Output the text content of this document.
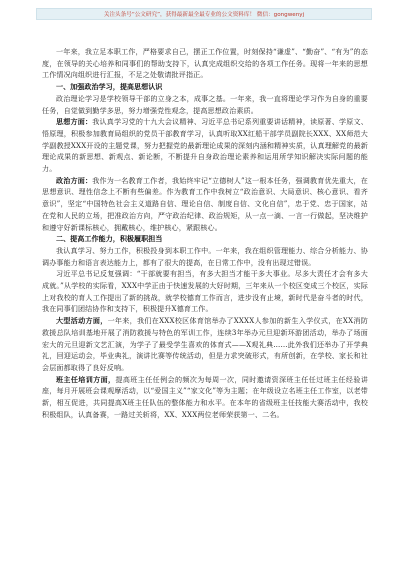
关注头条号“公文研究”，获得最新最全最专业的公文资料库！ 微信：gongwenyj

一年来，我立足本职工作，严格要求自己，摆正工作位置，时刻保持“谦虚”、“勤奋”、“有为”的态度，在领导的关心培养和同事们的帮助支持下，认真完成组织交给的各项工作任务。现将一年来的思想工作情况向组织进行汇报，不足之处敬请批评指正。

一、加强政治学习，提高思想认识

政治理论学习是学校领导干部的立身之本，成事之基。一年来，我一直将理论学习作为自身的重要任务，自觉做到勤学多思，努力增强党性观念，提高思想政治素质。

思想方面：我认真学习党的十九大会议精神、习近平总书记系列重要讲话精神，读原著、学原文、悟原理，积极参加教育局组织的党员干部教育学习，认真听取XX红船干部学员副院长XXX、XX师范大学副教授XXX开设的主题党课，努力把握党的最新理论成果的深刻内涵和精神实质，认真理解党的最新理论成果的新思想、新观点、新论断，不断提升自身政治理论素养和运用所学知识解决实际问题的能力。

政治方面：我作为一名教育工作者，我始终牢记“立德树人”这一根本任务，强调教育优先重大，在思想意识、理性信念上不断有些偏差。作为教育工作中我树立“政治意识、大局意识、核心意识、看齐意识”，坚定“中国特色社会主义道路自信、理论自信、制度自信、文化自信”，忠于党、忠于国家，站在党和人民的立场，把准政治方向，严守政治纪律、政治规矩，从一点一滴、一言一行做起，坚决维护和遵守好新课标核心，拥戴核心，维护核心，紧跟核心。

二、提高工作能力，积极履职担当

我认真学习、努力工作，积极投身到本职工作中。一年来，我在组织管理能力、综合分析能力、协调办事能力和语言表达能力上，都有了很大的提高，在日常工作中，没有出现过错误。

习近平总书记反复强调：“干部就要有担当，有多大担当才能干多大事业。尽多大责任才会有多大成就。”从学校的实际看，XXX中学正由于快速发展的大好时期，三年来从一个校区变成三个校区，实际上对我校的育人工作提出了新的挑战，就学校德育工作而言，进步没有止境，新时代是奋斗者的时代，我在同事们团结协作和支持下，积极提升X德育工作。

大型活动方面，一年来，我们在XXX校区体育馆举办了XXXX人参加的新生入学仪式，在XX消防救援总队培训基地开展了消防救援与特色的军训工作，连续3年举办元旦迎新环游团活动，举办了场面宏大的元旦迎新文艺汇演，为学子了最受学生喜欢的体育式——X观礼典……此外我们还举办了开学典礼，回迎运动会，毕业典礼，演讲比赛等传统活动，但是力求突破形式，有所创新，在学校、家长和社会层面都取得了良好反响。

班主任培训方面，提高班主任任例会的频次为每周一次，同时邀请资深班主任任过班主任经验讲座，每月开展班会课观摩活动，以“爱国主义”“家文化”等为主题；在年级设立名班主任工作室，以老带新，相互促进，共同提高X班主任队伍的整体能力和水平。在本年的省级班主任技能大赛活动中，我校积极组队，认真备赛，一路过关斩将，XX、XXX两位老师荣获第一、二名。
